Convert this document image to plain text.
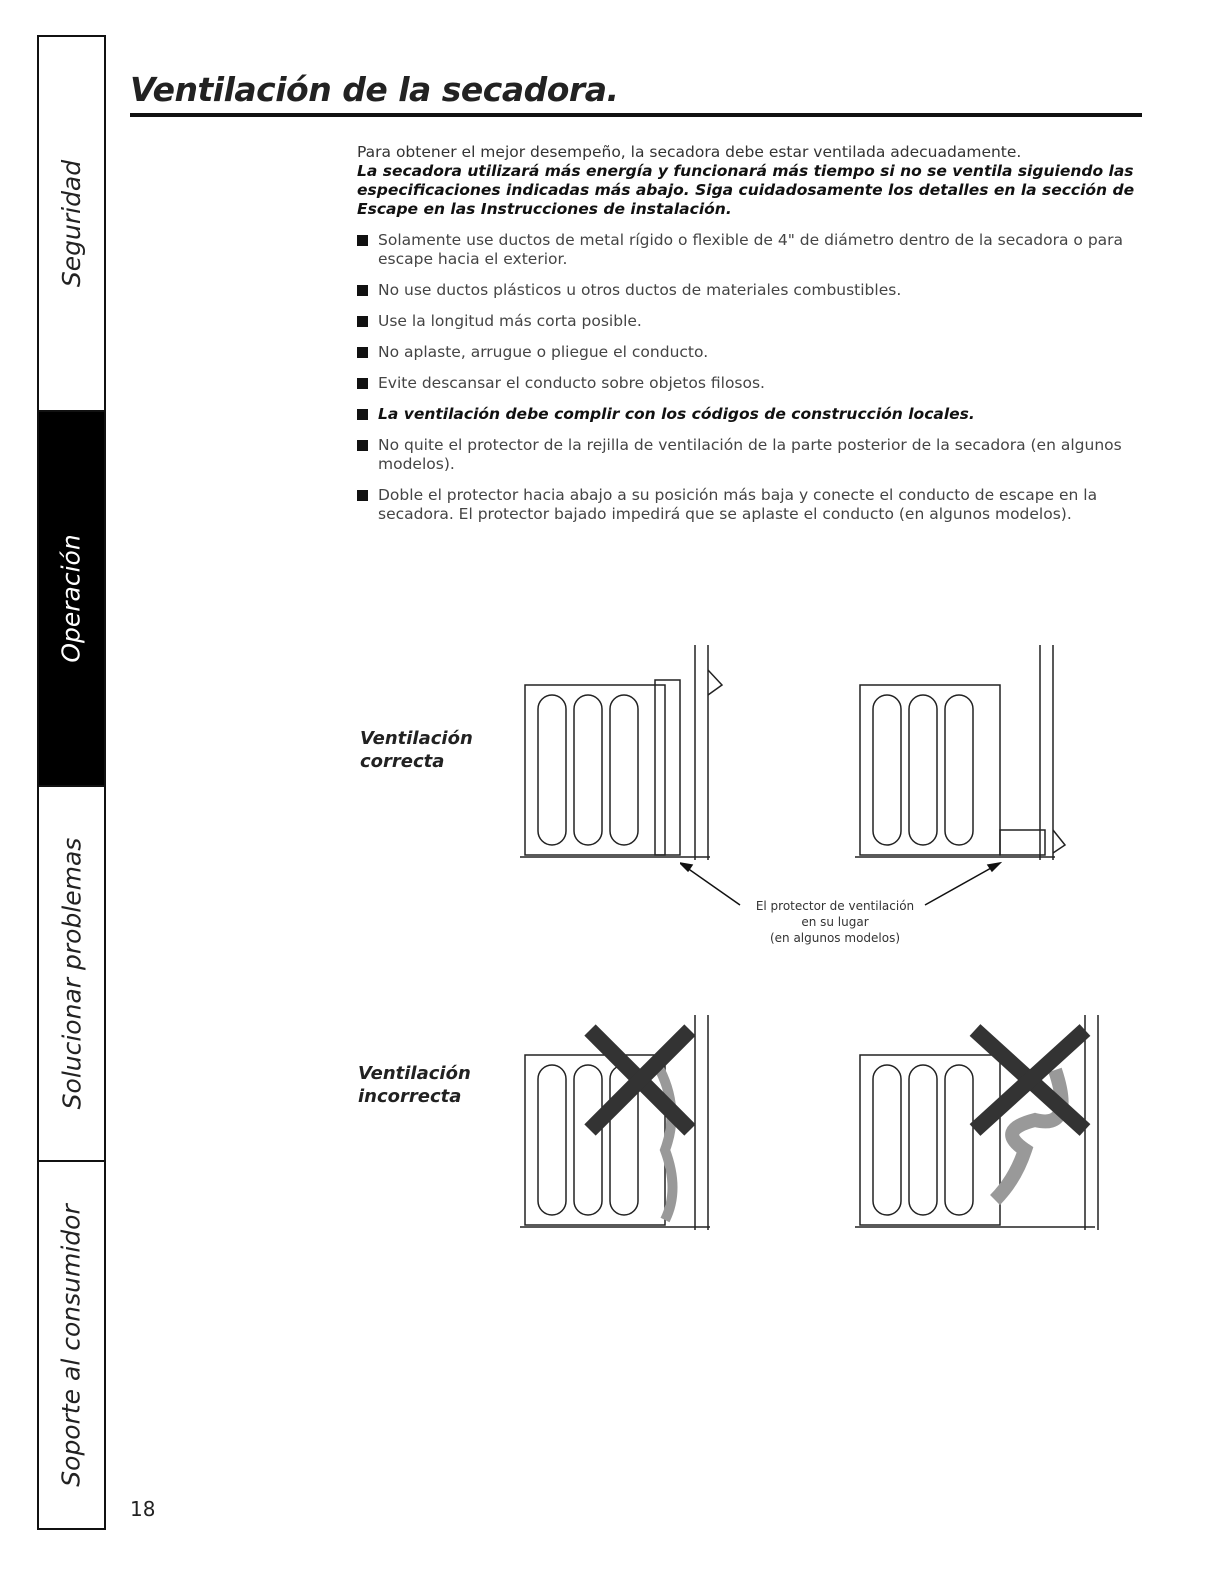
Seguridad
Operación
Solucionar problemas
Soporte al consumidor
Ventilación de la secadora.
Para obtener el mejor desempeño, la secadora debe estar ventilada adecuadamente.
La secadora utilizará más energía y funcionará más tiempo si no se ventila siguiendo las especificaciones indicadas más abajo. Siga cuidadosamente los detalles en la sección de Escape en las Instrucciones de instalación.
Solamente use ductos de metal rígido o flexible de 4" de diámetro dentro de la secadora o para escape hacia el exterior.
No use ductos plásticos u otros ductos de materiales combustibles.
Use la longitud más corta posible.
No aplaste, arrugue o pliegue el conducto.
Evite descansar el conducto sobre objetos filosos.
La ventilación debe complir con los códigos de construcción locales.
No quite el protector de la rejilla de ventilación de la parte posterior de la secadora (en algunos modelos).
Doble el protector hacia abajo a su posición más baja y conecte el conducto de escape en la secadora. El protector bajado impedirá que se aplaste el conducto (en algunos modelos).
Ventilación
correcta
Ventilación
incorrecta
El protector de ventilación
en su lugar
(en algunos modelos)
18
